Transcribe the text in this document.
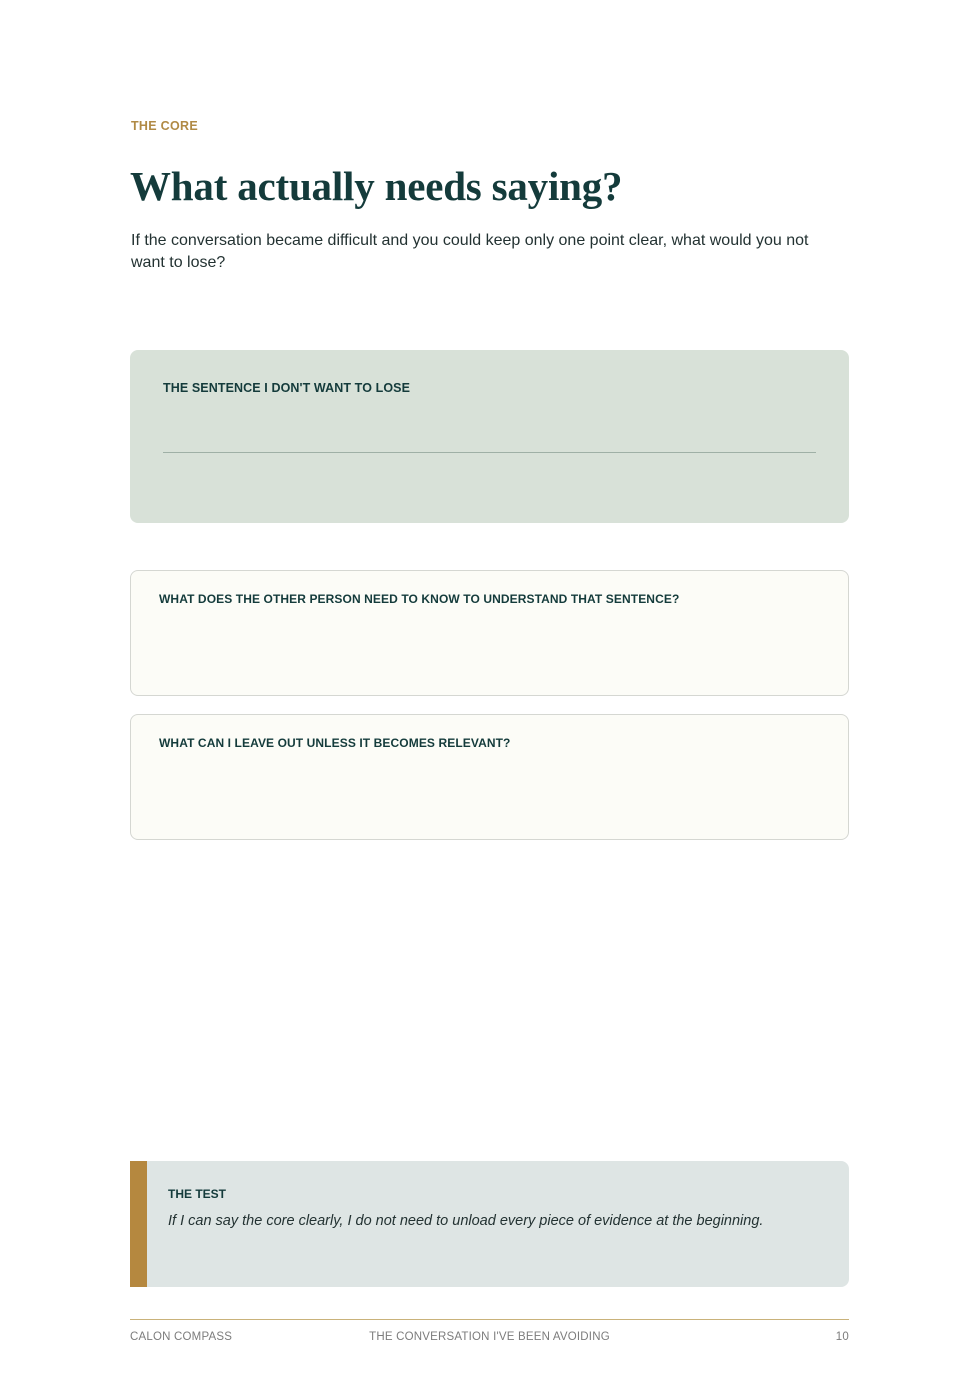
THE CORE
What actually needs saying?

If the conversation became difficult and you could keep only one point clear, what would you not want to lose?

THE SENTENCE I DON'T WANT TO LOSE
WHAT DOES THE OTHER PERSON NEED TO KNOW TO UNDERSTAND THAT SENTENCE?
WHAT CAN I LEAVE OUT UNLESS IT BECOMES RELEVANT?
THE TEST

If I can say the core clearly, I do not need to unload every piece of evidence at the beginning.

CALON COMPASS	THE CONVERSATION I'VE BEEN AVOIDING	10
